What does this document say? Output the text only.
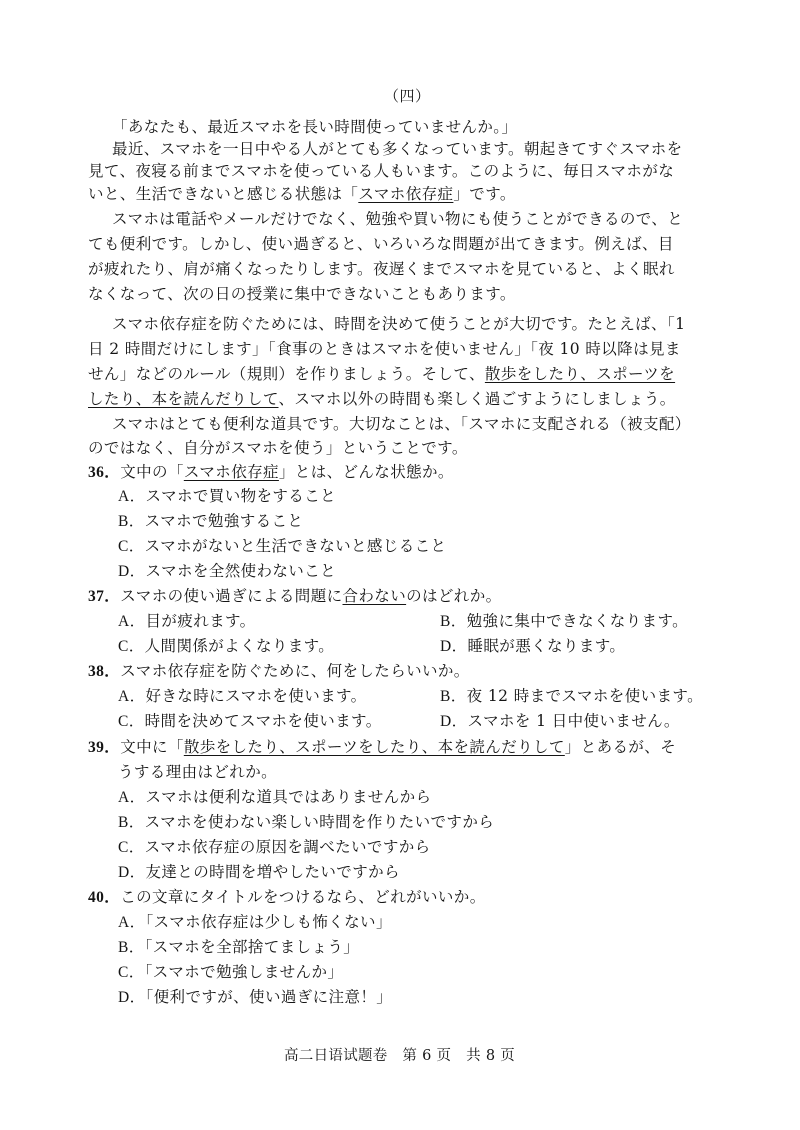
（四）
「あなたも、最近スマホを長い時間使っていませんか。」
最近、スマホを一日中やる人がとても多くなっています。朝起きてすぐスマホを
見て、夜寝る前までスマホを使っている人もいます。このように、毎日スマホがな
いと、生活できないと感じる状態は「スマホ依存症」です。
スマホは電話やメールだけでなく、勉強や買い物にも使うことができるので、と
ても便利です。しかし、使い過ぎると、いろいろな問題が出てきます。例えば、目
が疲れたり、肩が痛くなったりします。夜遅くまでスマホを見ていると、よく眠れ
なくなって、次の日の授業に集中できないこともあります。
スマホ依存症を防ぐためには、時間を決めて使うことが大切です。たとえば、「1
日 2 時間だけにします」「食事のときはスマホを使いません」「夜 10 時以降は見ま
せん」などのルール（規則）を作りましょう。そして、散歩をしたり、スポーツを
したり、本を読んだりして、スマホ以外の時間も楽しく過ごすようにしましょう。
スマホはとても便利な道具です。大切なことは、「スマホに支配される（被支配）
のではなく、自分がスマホを使う」ということです。
36．文中の「スマホ依存症」とは、どんな状態か。
A．スマホで買い物をすること
B．スマホで勉強すること
C．スマホがないと生活できないと感じること
D．スマホを全然使わないこと
37．スマホの使い過ぎによる問題に合わないのはどれか。
A．目が疲れます。	B．勉強に集中できなくなります。
C．人間関係がよくなります。	D．睡眠が悪くなります。
38．スマホ依存症を防ぐために、何をしたらいいか。
A．好きな時にスマホを使います。	B．夜 12 時までスマホを使います。
C．時間を決めてスマホを使います。	D．スマホを 1 日中使いません。
39．文中に「散歩をしたり、スポーツをしたり、本を読んだりして」とあるが、そ
うする理由はどれか。
A．スマホは便利な道具ではありませんから
B．スマホを使わない楽しい時間を作りたいですから
C．スマホ依存症の原因を調べたいですから
D．友達との時間を増やしたいですから
40．この文章にタイトルをつけるなら、どれがいいか。
A．「スマホ依存症は少しも怖くない」
B．「スマホを全部捨てましょう」
C．「スマホで勉強しませんか」
D．「便利ですが、使い過ぎに注意！」
高二日语试题卷　第 6 页　共 8 页
